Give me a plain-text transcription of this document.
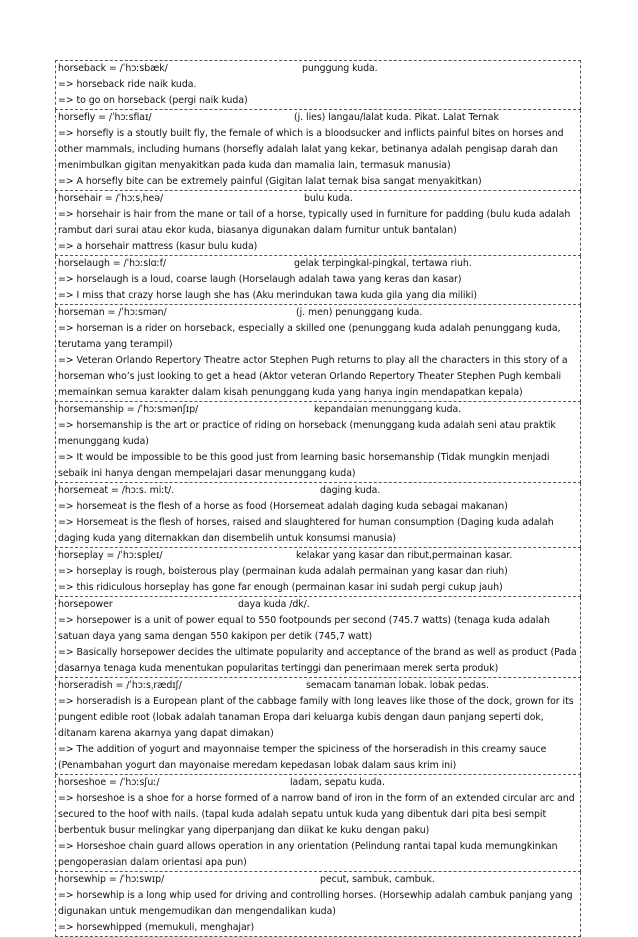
horseback = /ˈhɔːsbæk/	punggung kuda.
=> horseback ride naik kuda.
=> to go on horseback (pergi naik kuda)
horsefly = /ˈhɔːsflaɪ/	(j. lies) langau/lalat kuda. Pikat. Lalat Ternak
=> horsefly is a stoutly built fly, the female of which is a bloodsucker and inflicts painful bites on horses and other mammals, including humans (horsefly adalah lalat yang kekar, betinanya adalah pengisap darah dan menimbulkan gigitan menyakitkan pada kuda dan mamalia lain, termasuk manusia)
=> A horsefly bite can be extremely painful (Gigitan lalat ternak bisa sangat menyakitkan)
horsehair = /ˈhɔːsˌheə/	bulu kuda.
=> horsehair is hair from the mane or tail of a horse, typically used in furniture for padding (bulu kuda adalah rambut dari surai atau ekor kuda, biasanya digunakan dalam furnitur untuk bantalan)
=> a horsehair mattress (kasur bulu kuda)
horselaugh = /ˈhɔːslɑːf/	gelak terpingkal-pingkal, tertawa riuh.
=> horselaugh is a loud, coarse laugh (Horselaugh adalah tawa yang keras dan kasar)
=> I miss that crazy horse laugh she has (Aku merindukan tawa kuda gila yang dia miliki)
horseman = /ˈhɔːsmən/	(j. men) penunggang kuda.
=> horseman is a rider on horseback, especially a skilled one (penunggang kuda adalah penunggang kuda, terutama yang terampil)
=> Veteran Orlando Repertory Theatre actor Stephen Pugh returns to play all the characters in this story of a horseman who’s just looking to get a head (Aktor veteran Orlando Repertory Theater Stephen Pugh kembali memainkan semua karakter dalam kisah penunggang kuda yang hanya ingin mendapatkan kepala)
horsemanship = /ˈhɔːsmənʃɪp/	kepandaian menunggang kuda.
=> horsemanship is the art or practice of riding on horseback (menunggang kuda adalah seni atau praktik menunggang kuda)
=> It would be impossible to be this good just from learning basic horsemanship (Tidak mungkin menjadi sebaik ini hanya dengan mempelajari dasar menunggang kuda)
horsemeat = /hɔːs. miːt/.	daging kuda.
=> horsemeat is the flesh of a horse as food (Horsemeat adalah daging kuda sebagai makanan)
=> Horsemeat is the flesh of horses, raised and slaughtered for human consumption (Daging kuda adalah daging kuda yang diternakkan dan disembelih untuk konsumsi manusia)
horseplay = /ˈhɔːspleɪ/	kelakar yang kasar dan ribut,permainan kasar.
=> horseplay is rough, boisterous play (permainan kuda adalah permainan yang kasar dan riuh)
=> this ridiculous horseplay has gone far enough (permainan kasar ini sudah pergi cukup jauh)
horsepower	daya kuda /dk/.
=> horsepower is a unit of power equal to 550 footpounds per second (745.7 watts) (tenaga kuda adalah satuan daya yang sama dengan 550 kakipon per detik (745,7 watt)
=> Basically horsepower decides the ultimate popularity and acceptance of the brand as well as product (Pada dasarnya tenaga kuda menentukan popularitas tertinggi dan penerimaan merek serta produk)
horseradish = /ˈhɔːsˌrædɪʃ/	semacam tanaman lobak. lobak pedas.
=> horseradish is a European plant of the cabbage family with long leaves like those of the dock, grown for its pungent edible root (lobak adalah tanaman Eropa dari keluarga kubis dengan daun panjang seperti dok, ditanam karena akarnya yang dapat dimakan)
=> The addition of yogurt and mayonnaise temper the spiciness of the horseradish in this creamy sauce (Penambahan yogurt dan mayonaise meredam kepedasan lobak dalam saus krim ini)
horseshoe = /ˈhɔːsʃuː/	ladam, sepatu kuda.
=> horseshoe is a shoe for a horse formed of a narrow band of iron in the form of an extended circular arc and secured to the hoof with nails. (tapal kuda adalah sepatu untuk kuda yang dibentuk dari pita besi sempit berbentuk busur melingkar yang diperpanjang dan diikat ke kuku dengan paku)
=> Horseshoe chain guard allows operation in any orientation (Pelindung rantai tapal kuda memungkinkan pengoperasian dalam orientasi apa pun)
horsewhip = /ˈhɔːswɪp/	pecut, sambuk, cambuk.
=> horsewhip is a long whip used for driving and controlling horses. (Horsewhip adalah cambuk panjang yang digunakan untuk mengemudikan dan mengendalikan kuda)
=> horsewhipped (memukuli, menghajar)
